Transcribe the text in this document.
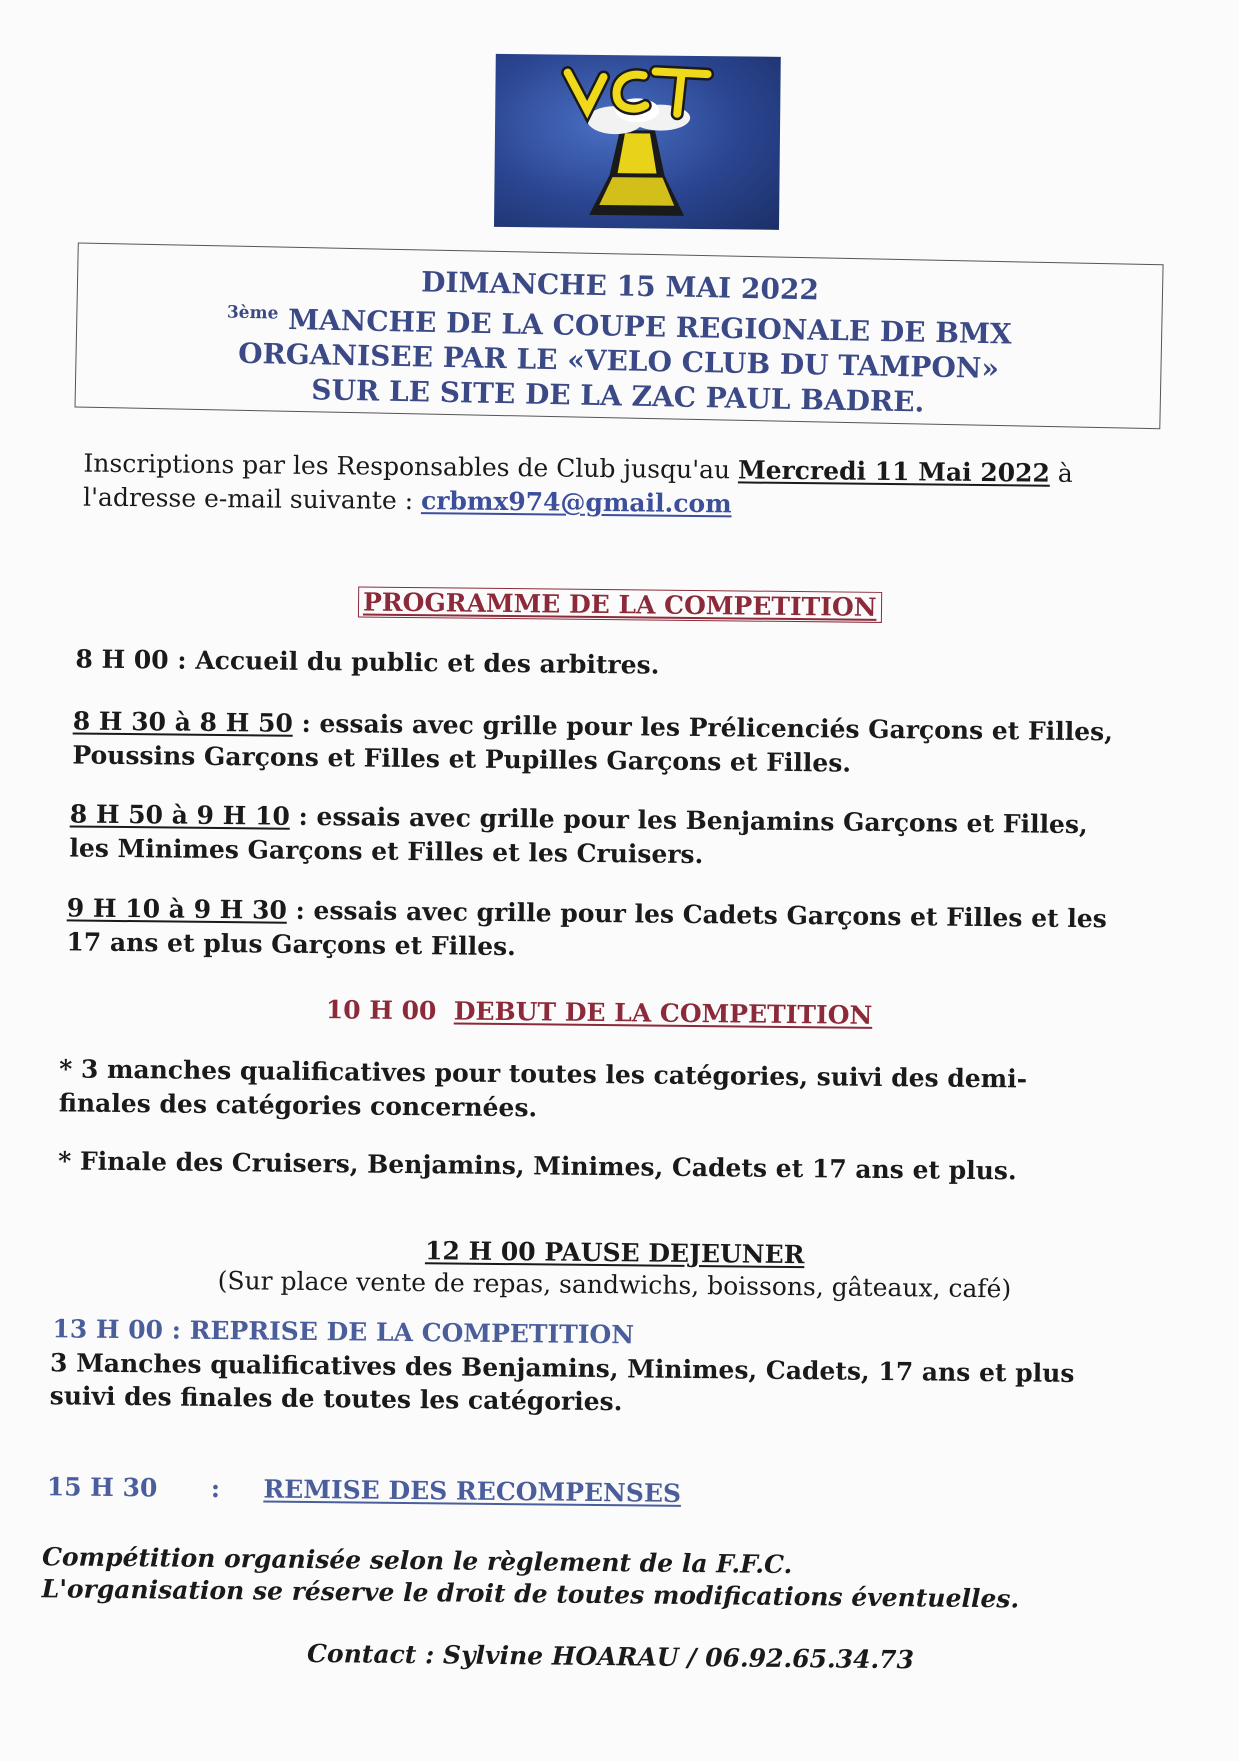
DIMANCHE 15 MAI 2022
$^{3ème}$ MANCHE DE LA COUPE REGIONALE DE BMX
ORGANISEE PAR LE «VELO CLUB DU TAMPON»
SUR LE SITE DE LA ZAC PAUL BADRE.
Inscriptions par les Responsables de Club jusqu'au Mercredi 11 Mai 2022 à
l'adresse e-mail suivante : crbmx974@gmail.com
PROGRAMME DE LA COMPETITION
8 H 00 : Accueil du public et des arbitres.
8 H 30 à 8 H 50 : essais avec grille pour les Prélicenciés Garçons et Filles,
Poussins Garçons et Filles et Pupilles Garçons et Filles.
8 H 50 à 9 H 10 : essais avec grille pour les Benjamins Garçons et Filles,
les Minimes Garçons et Filles et les Cruisers.
9 H 10 à 9 H 30 : essais avec grille pour les Cadets Garçons et Filles et les
17 ans et plus Garçons et Filles.
10 H 00 DEBUT DE LA COMPETITION
* 3 manches qualificatives pour toutes les catégories, suivi des demi-
finales des catégories concernées.
* Finale des Cruisers, Benjamins, Minimes, Cadets et 17 ans et plus.
12 H 00 PAUSE DEJEUNER
(Sur place vente de repas, sandwichs, boissons, gâteaux, café)
13 H 00 : REPRISE DE LA COMPETITION
3 Manches qualificatives des Benjamins, Minimes, Cadets, 17 ans et plus
suivi des finales de toutes les catégories.
15 H 30 : REMISE DES RECOMPENSES
Compétition organisée selon le règlement de la F.F.C.
L'organisation se réserve le droit de toutes modifications éventuelles.
Contact : Sylvine HOARAU / 06.92.65.34.73
